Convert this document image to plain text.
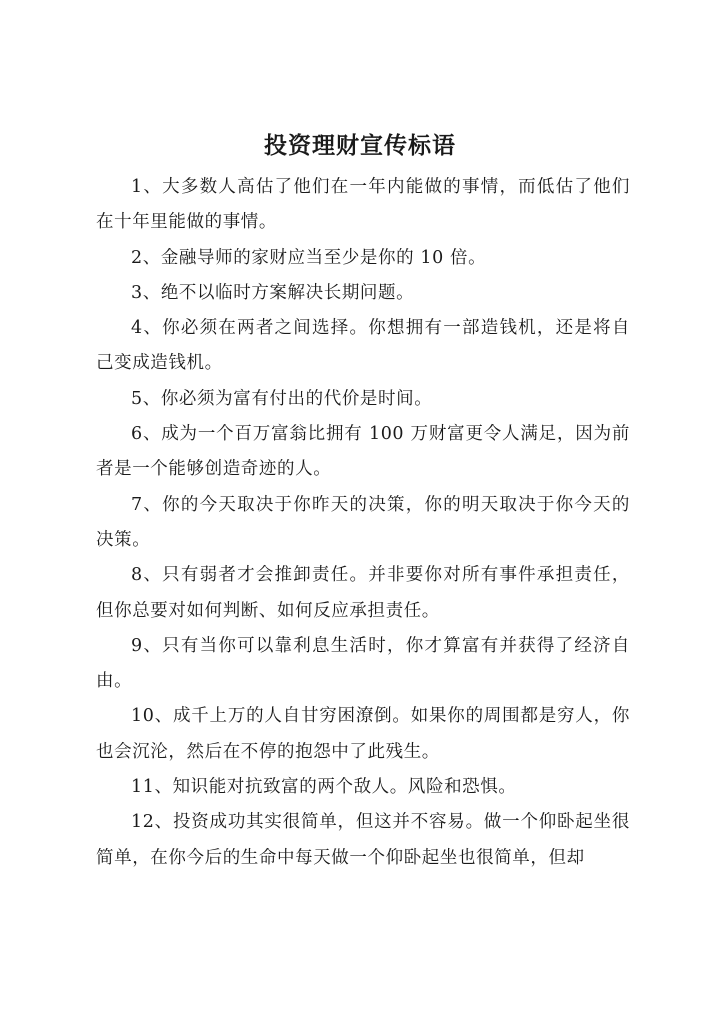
投资理财宣传标语

1、大多数人高估了他们在一年内能做的事情，而低估了他们在十年里能做的事情。

2、金融导师的家财应当至少是你的 10 倍。

3、绝不以临时方案解决长期问题。

4、你必须在两者之间选择。你想拥有一部造钱机，还是将自己变成造钱机。

5、你必须为富有付出的代价是时间。

6、成为一个百万富翁比拥有 100 万财富更令人满足，因为前者是一个能够创造奇迹的人。

7、你的今天取决于你昨天的决策，你的明天取决于你今天的决策。

8、只有弱者才会推卸责任。并非要你对所有事件承担责任，但你总要对如何判断、如何反应承担责任。

9、只有当你可以靠利息生活时，你才算富有并获得了经济自由。

10、成千上万的人自甘穷困潦倒。如果你的周围都是穷人，你也会沉沦，然后在不停的抱怨中了此残生。

11、知识能对抗致富的两个敌人。风险和恐惧。

12、投资成功其实很简单，但这并不容易。做一个仰卧起坐很简单，在你今后的生命中每天做一个仰卧起坐也很简单，但却
